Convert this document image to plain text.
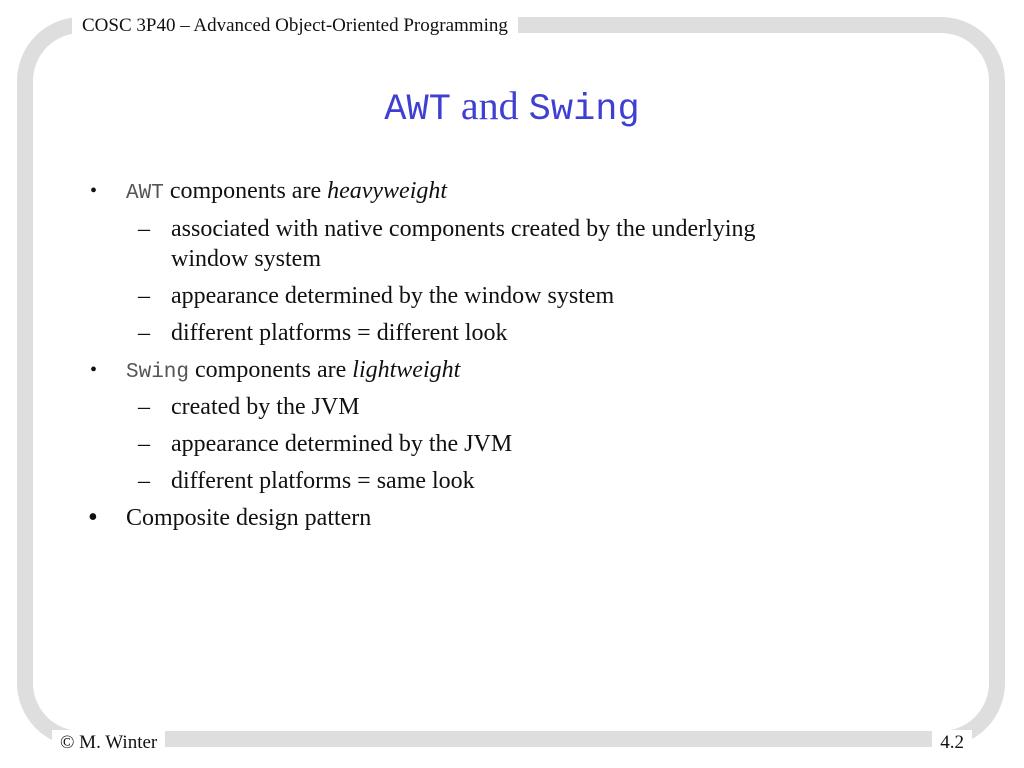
COSC 3P40 – Advanced Object-Oriented Programming
AWT and Swing
• AWT components are heavyweight
– associated with native components created by the underlying
window system
– appearance determined by the window system
– different platforms = different look
• Swing components are lightweight
– created by the JVM
– appearance determined by the JVM
– different platforms = same look
• Composite design pattern
© M. Winter	4.2
